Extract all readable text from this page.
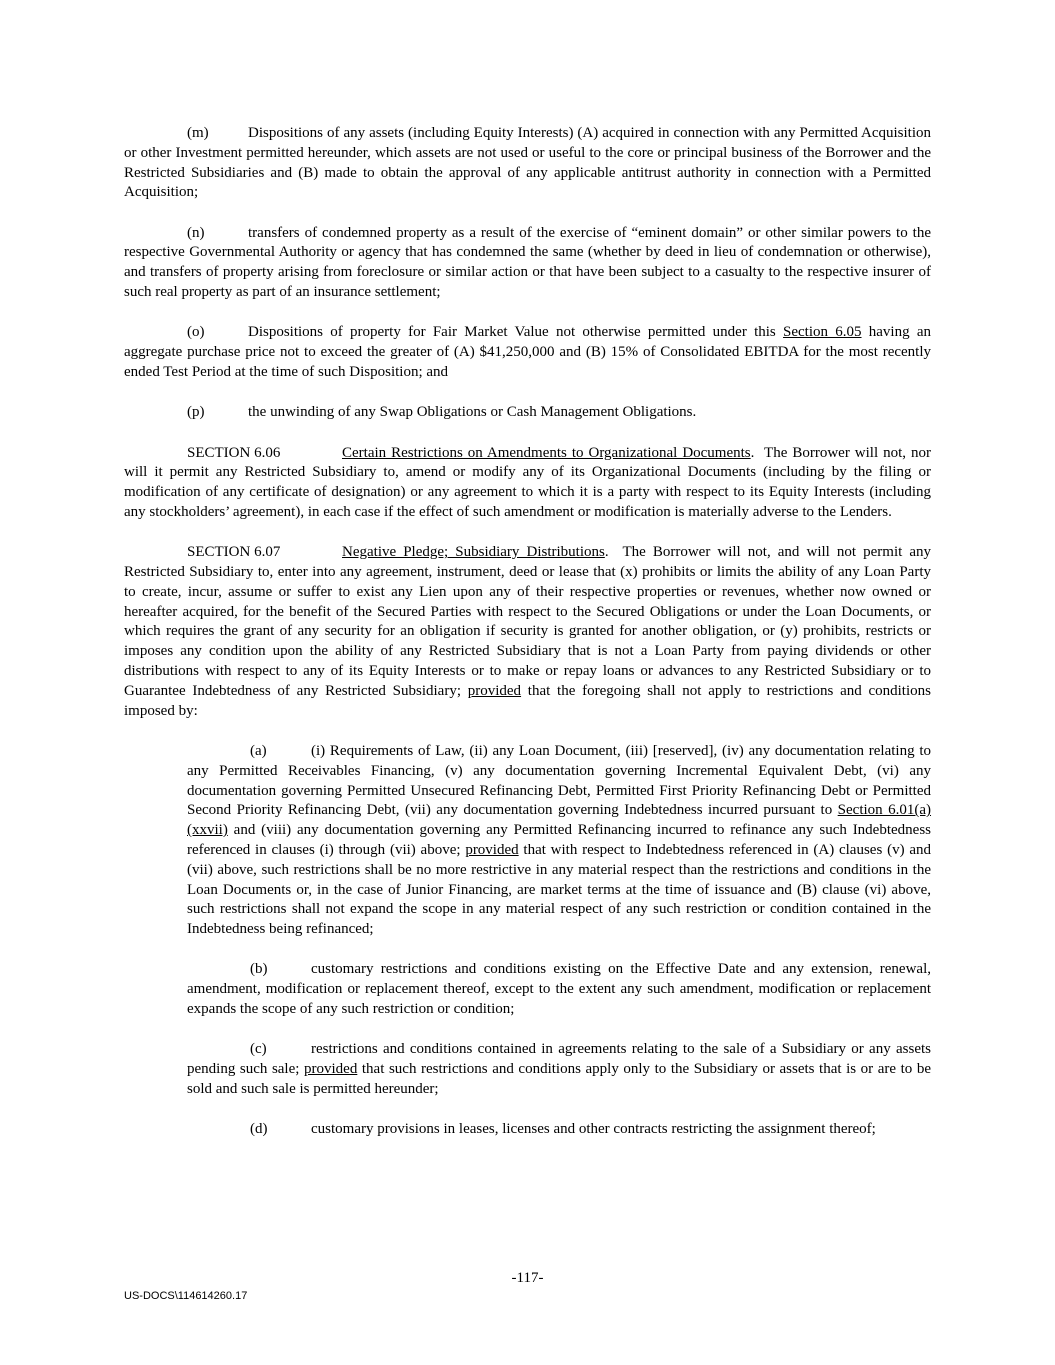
(m)	Dispositions of any assets (including Equity Interests) (A) acquired in connection with any Permitted Acquisition or other Investment permitted hereunder, which assets are not used or useful to the core or principal business of the Borrower and the Restricted Subsidiaries and (B) made to obtain the approval of any applicable antitrust authority in connection with a Permitted Acquisition;

(n)	transfers of condemned property as a result of the exercise of “eminent domain” or other similar powers to the respective Governmental Authority or agency that has condemned the same (whether by deed in lieu of condemnation or otherwise), and transfers of property arising from foreclosure or similar action or that have been subject to a casualty to the respective insurer of such real property as part of an insurance settlement;

(o)	Dispositions of property for Fair Market Value not otherwise permitted under this Section 6.05 having an aggregate purchase price not to exceed the greater of (A) $41,250,000 and (B) 15% of Consolidated EBITDA for the most recently ended Test Period at the time of such Disposition; and

(p)	the unwinding of any Swap Obligations or Cash Management Obligations.

SECTION 6.06	Certain Restrictions on Amendments to Organizational Documents.  The Borrower will not, nor will it permit any Restricted Subsidiary to, amend or modify any of its Organizational Documents (including by the filing or modification of any certificate of designation) or any agreement to which it is a party with respect to its Equity Interests (including any stockholders’ agreement), in each case if the effect of such amendment or modification is materially adverse to the Lenders.

SECTION 6.07	Negative Pledge; Subsidiary Distributions.  The Borrower will not, and will not permit any Restricted Subsidiary to, enter into any agreement, instrument, deed or lease that (x) prohibits or limits the ability of any Loan Party to create, incur, assume or suffer to exist any Lien upon any of their respective properties or revenues, whether now owned or hereafter acquired, for the benefit of the Secured Parties with respect to the Secured Obligations or under the Loan Documents, or which requires the grant of any security for an obligation if security is granted for another obligation, or (y) prohibits, restricts or imposes any condition upon the ability of any Restricted Subsidiary that is not a Loan Party from paying dividends or other distributions with respect to any of its Equity Interests or to make or repay loans or advances to any Restricted Subsidiary or to Guarantee Indebtedness of any Restricted Subsidiary; provided that the foregoing shall not apply to restrictions and conditions imposed by:

(a)	(i) Requirements of Law, (ii) any Loan Document, (iii) [reserved], (iv) any documentation relating to any Permitted Receivables Financing, (v) any documentation governing Incremental Equivalent Debt, (vi) any documentation governing Permitted Unsecured Refinancing Debt, Permitted First Priority Refinancing Debt or Permitted Second Priority Refinancing Debt, (vii) any documentation governing Indebtedness incurred pursuant to Section 6.01(a)(xxvii) and (viii) any documentation governing any Permitted Refinancing incurred to refinance any such Indebtedness referenced in clauses (i) through (vii) above; provided that with respect to Indebtedness referenced in (A) clauses (v) and (vii) above, such restrictions shall be no more restrictive in any material respect than the restrictions and conditions in the Loan Documents or, in the case of Junior Financing, are market terms at the time of issuance and (B) clause (vi) above, such restrictions shall not expand the scope in any material respect of any such restriction or condition contained in the Indebtedness being refinanced;

(b)	customary restrictions and conditions existing on the Effective Date and any extension, renewal, amendment, modification or replacement thereof, except to the extent any such amendment, modification or replacement expands the scope of any such restriction or condition;

(c)	restrictions and conditions contained in agreements relating to the sale of a Subsidiary or any assets pending such sale; provided that such restrictions and conditions apply only to the Subsidiary or assets that is or are to be sold and such sale is permitted hereunder;

(d)	customary provisions in leases, licenses and other contracts restricting the assignment thereof;

-117-
US-DOCS\114614260.17
